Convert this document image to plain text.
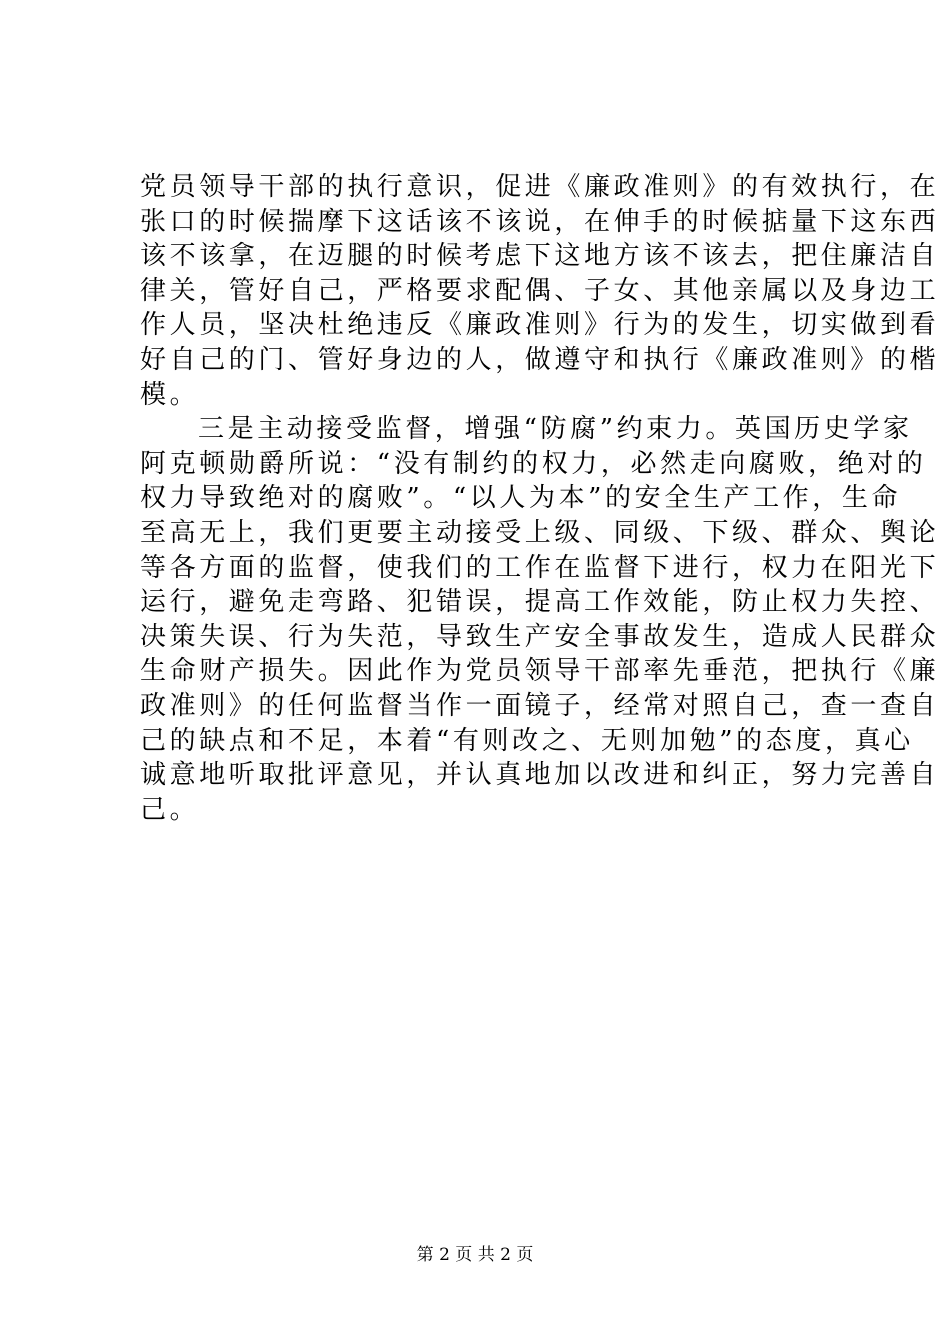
党员领导干部的执行意识，促进《廉政准则》的有效执行，在
张口的时候揣摩下这话该不该说，在伸手的时候掂量下这东西
该不该拿，在迈腿的时候考虑下这地方该不该去，把住廉洁自
律关，管好自己，严格要求配偶、子女、其他亲属以及身边工
作人员，坚决杜绝违反《廉政准则》行为的发生，切实做到看
好自己的门、管好身边的人，做遵守和执行《廉政准则》的楷
模。
三是主动接受监督，增强“防腐”约束力。英国历史学家
阿克顿勋爵所说：“没有制约的权力，必然走向腐败，绝对的
权力导致绝对的腐败”。“以人为本”的安全生产工作，生命
至高无上，我们更要主动接受上级、同级、下级、群众、舆论
等各方面的监督，使我们的工作在监督下进行，权力在阳光下
运行，避免走弯路、犯错误，提高工作效能，防止权力失控、
决策失误、行为失范，导致生产安全事故发生，造成人民群众
生命财产损失。因此作为党员领导干部率先垂范，把执行《廉
政准则》的任何监督当作一面镜子，经常对照自己，查一查自
己的缺点和不足，本着“有则改之、无则加勉”的态度，真心
诚意地听取批评意见，并认真地加以改进和纠正，努力完善自
己。
第 2 页 共 2 页
